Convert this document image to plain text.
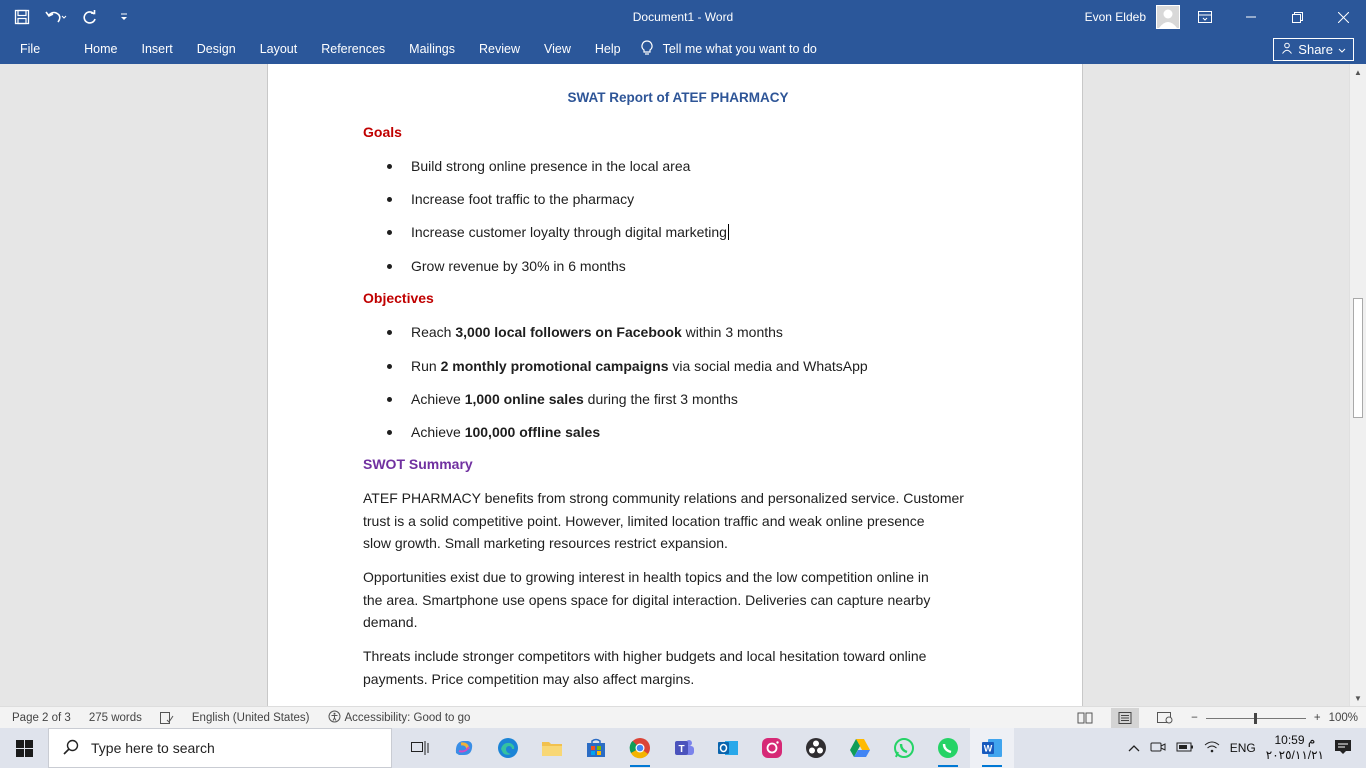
Document1 - Word	Evon Eldeb
File	Home	Insert	Design	Layout	References	Mailings	Review	View	Help	Tell me what you want to do	Share
SWAT Report of ATEF PHARMACY
Goals
Build strong online presence in the local area
Increase foot traffic to the pharmacy
Increase customer loyalty through digital marketing
Grow revenue by 30% in 6 months
Objectives
Reach 3,000 local followers on Facebook within 3 months
Run 2 monthly promotional campaigns via social media and WhatsApp
Achieve 1,000 online sales during the first 3 months
Achieve 100,000 offline sales
SWOT Summary
ATEF PHARMACY benefits from strong community relations and personalized service. Customer
trust is a solid competitive point. However, limited location traffic and weak online presence
slow growth. Small marketing resources restrict expansion.
Opportunities exist due to growing interest in health topics and the low competition online in
the area. Smartphone use opens space for digital interaction. Deliveries can capture nearby
demand.
Threats include stronger competitors with higher budgets and local hesitation toward online
payments. Price competition may also affect margins.
▲
▼
Page 2 of 3 275 words	English (United States)	Accessibility: Good to go	−	+ 100%
Type here to search	T	W	ENG
10:59 م
٢٠٢٥/١١/٢١
